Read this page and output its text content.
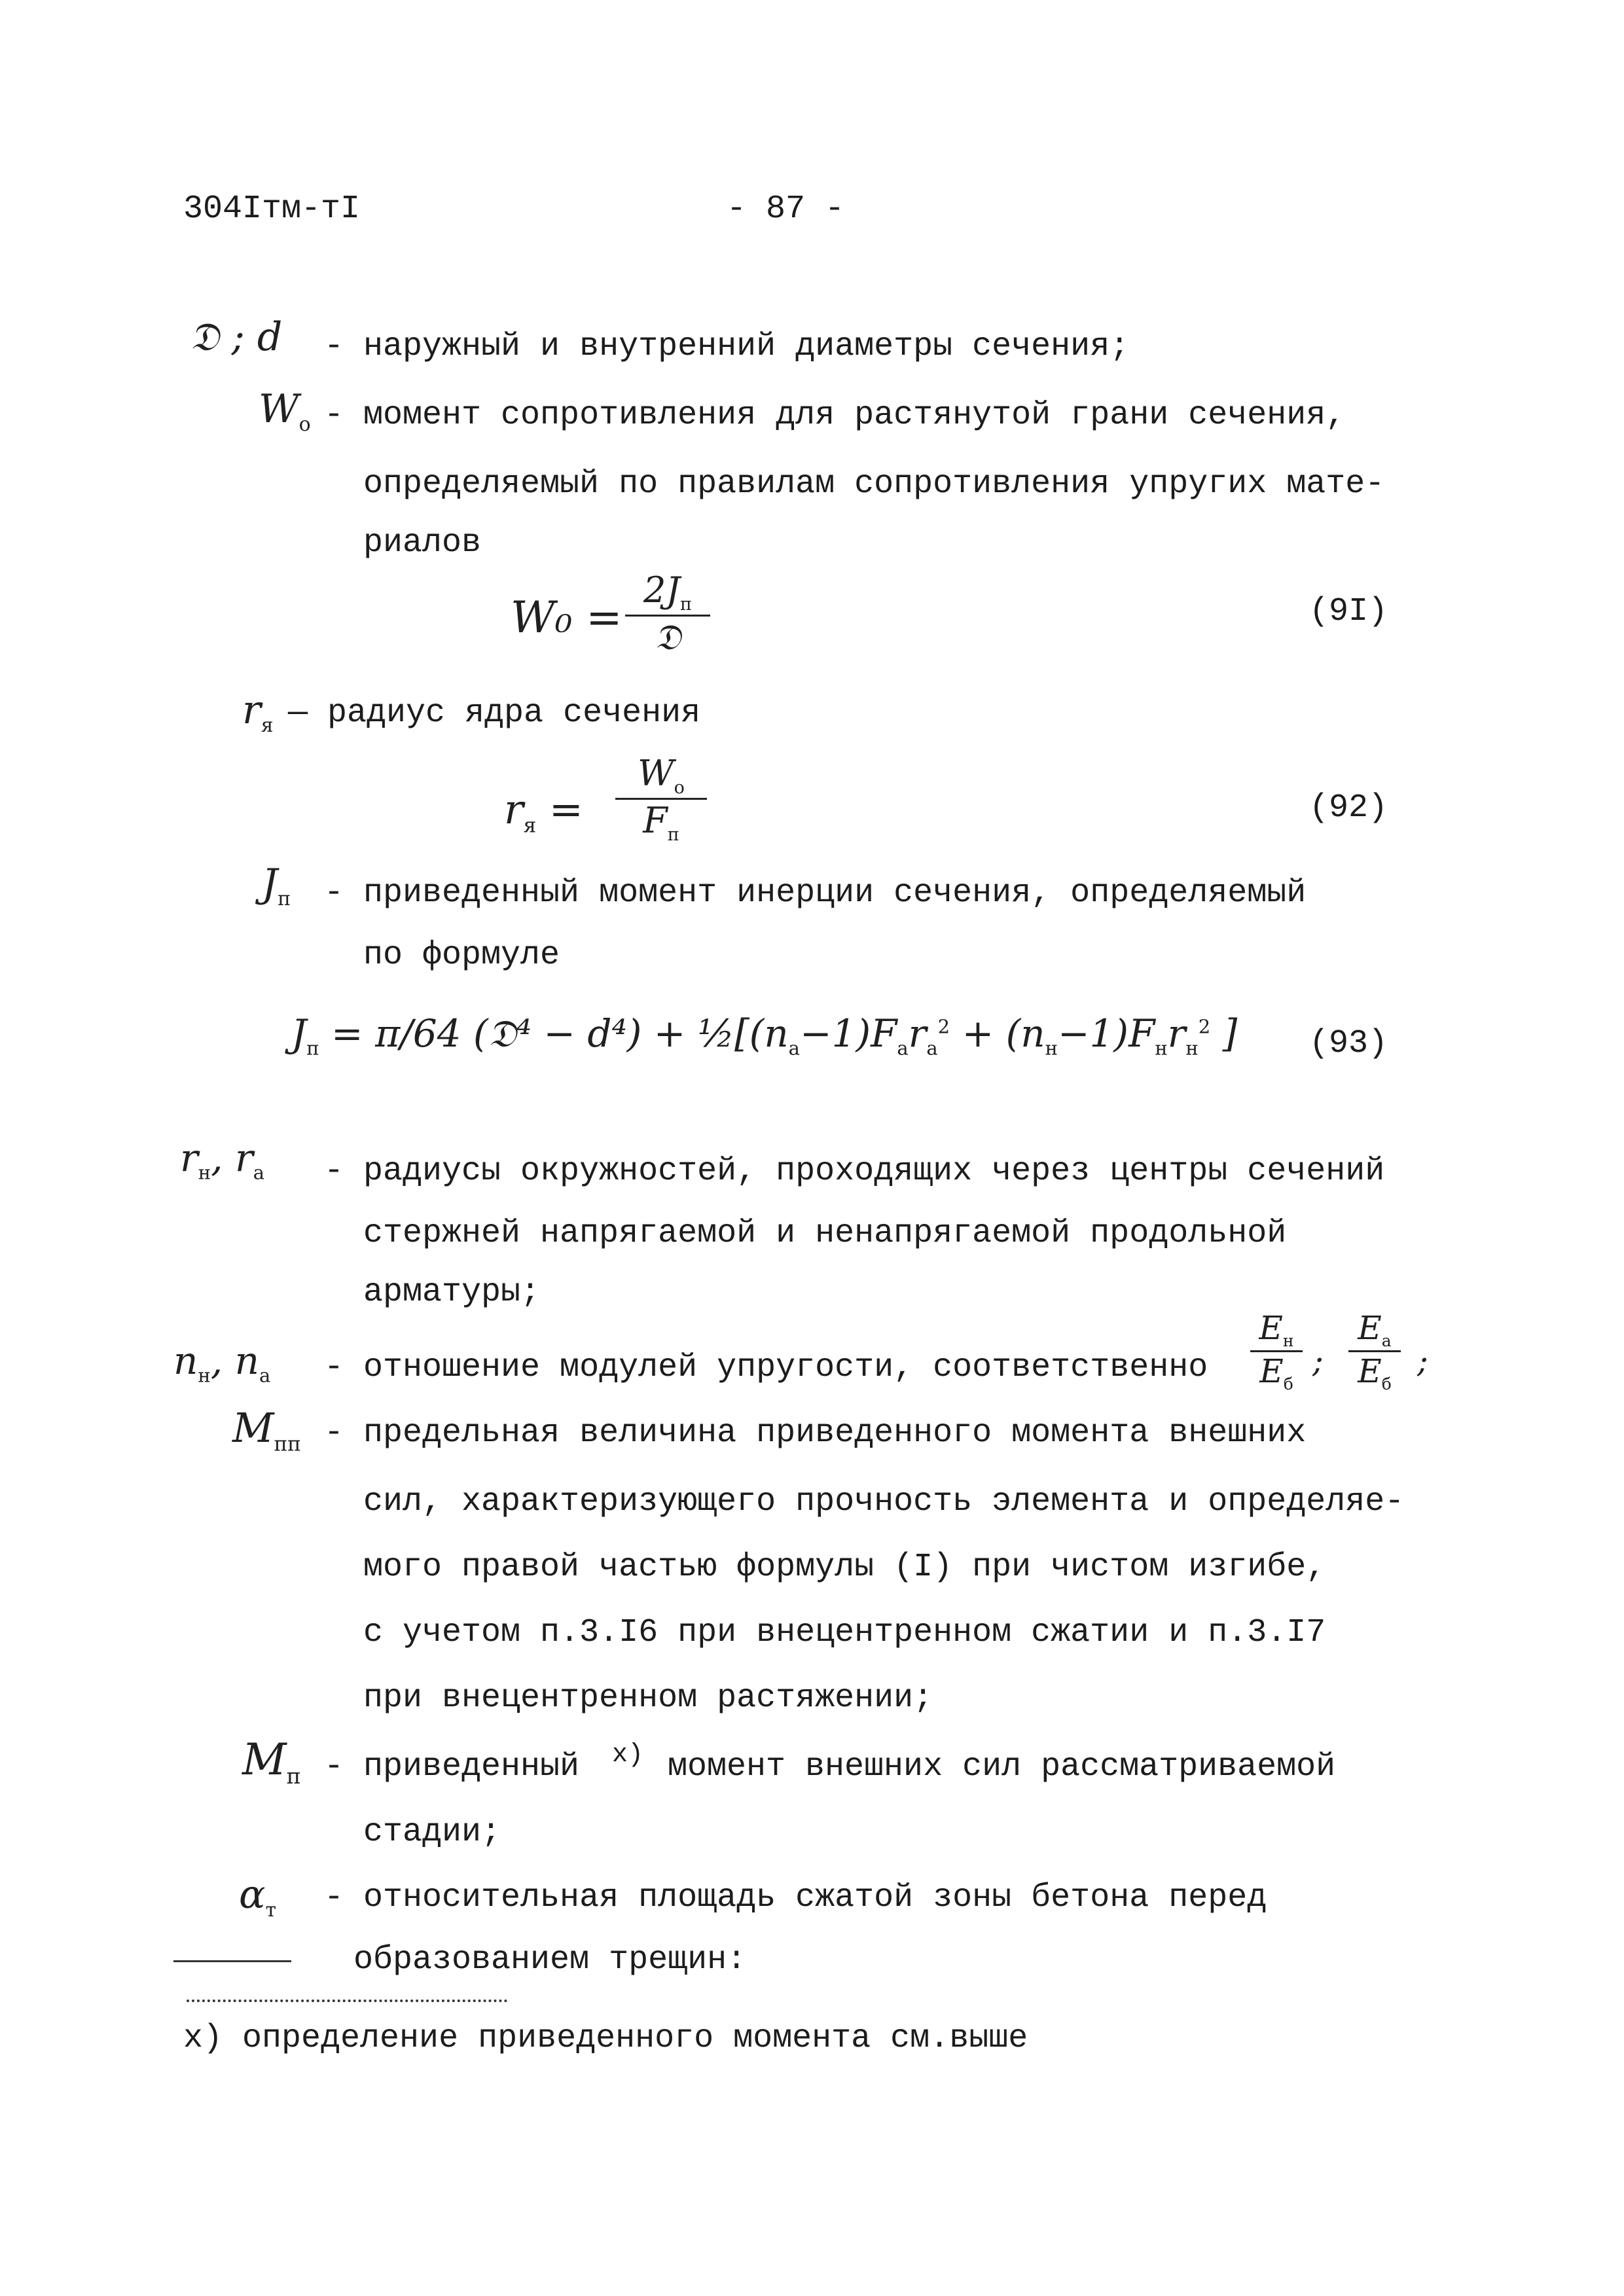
304Iтм-тI	- 87 -
𝔇 ; d - наружный и внутренний диаметры сечения;
$W_o$ - момент сопротивления для растянутой грани сечения,
определяемый по правилам сопротивления упругих мате-
риалов
W₀ =
$2J_п$
𝔇
(9I)
$r_я$ — радиус ядра сечения
$r_я$ =
$W_o$
$F_п$
(92)
$J_п$ - приведенный момент инерции сечения, определяемый
по формуле
$J_п = \pi/64$ (𝔇⁴ − $d^4) + \frac{1}{2}[(n_а-1)F_аr_а^2 + (n_н-1)F_нr_н^2$ ] (93)
$r_н$, $r_а$ - радиусы окружностей, проходящих через центры сечений
стержней напрягаемой и ненапрягаемой продольной
арматуры;
$n_н$, $n_а$ - отношение модулей упругости, соответственно
$E_н$
$E_б$
;
$E_а$
$E_б$
;
$M_{пп}$ - предельная величина приведенного момента внешних
сил, характеризующего прочность элемента и определяе-
мого правой частью формулы (I) при чистом изгибе,
с учетом п.3.I6 при внецентренном сжатии и п.3.I7
при внецентренном растяжении;
$M_п$ - приведенный x) момент внешних сил рассматриваемой
стадии;
$\alpha_т$ - относительная площадь сжатой зоны бетона перед
образованием трещин:
x) определение приведенного момента см.выше
